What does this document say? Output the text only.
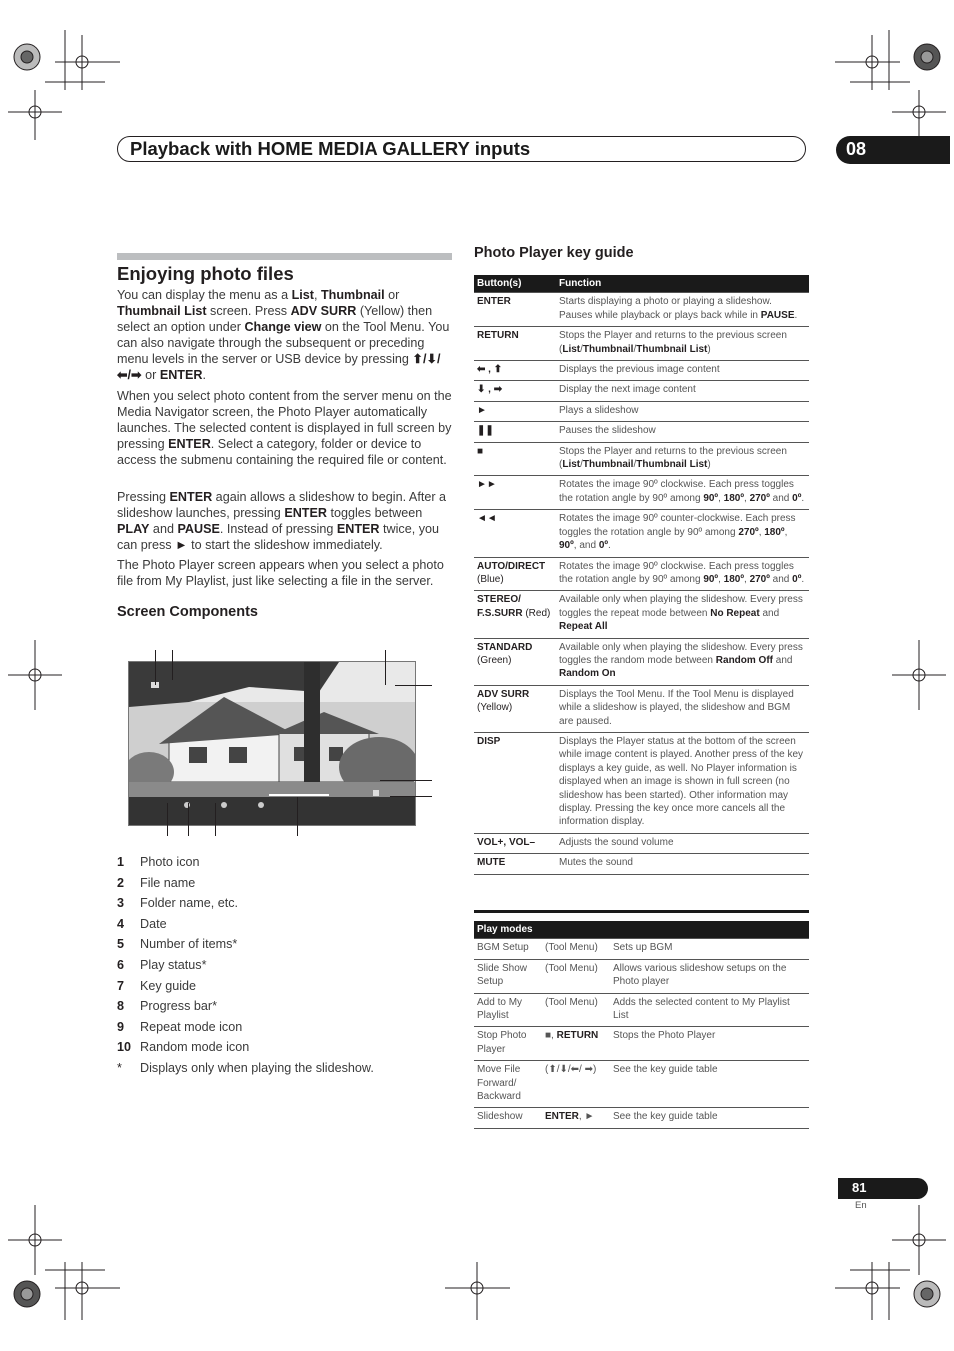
Playback with HOME MEDIA GALLERY inputs	08
Enjoying photo files
You can display the menu as a List, Thumbnail or Thumbnail List screen. Press ADV SURR (Yellow) then select an option under Change view on the Tool Menu. You can also navigate through the subsequent or preceding menu levels in the server or USB device by pressing ⬆/⬇/⬅/➡ or ENTER.
When you select photo content from the server menu on the Media Navigator screen, the Photo Player automatically launches. The selected content is displayed in full screen by pressing ENTER. Select a category, folder or device to access the submenu containing the required file or content.
Pressing ENTER again allows a slideshow to begin. After a slideshow launches, pressing ENTER toggles between PLAY and PAUSE. Instead of pressing ENTER twice, you can press ► to start the slideshow immediately.
The Photo Player screen appears when you select a photo file from My Playlist, just like selecting a file in the server.
Screen Components
1 Photo icon
2 File name
3 Folder name, etc.
4 Date
5 Number of items*
6 Play status*
7 Key guide
8 Progress bar*
9 Repeat mode icon
10 Random mode icon
* Displays only when playing the slideshow.
Photo Player key guide
Button(s)	Function
ENTER	Starts displaying a photo or playing a slideshow. Pauses while playback or plays back while in PAUSE.
RETURN	Stops the Player and returns to the previous screen (List/Thumbnail/Thumbnail List)
⬅ , ⬆	Displays the previous image content
⬇ , ➡	Display the next image content
►	Plays a slideshow
❚❚	Pauses the slideshow
■	Stops the Player and returns to the previous screen (List/Thumbnail/Thumbnail List)
►►	Rotates the image 90º clockwise. Each press toggles the rotation angle by 90º among 90º, 180º, 270º and 0º.
◄◄	Rotates the image 90º counter-clockwise. Each press toggles the rotation angle by 90º among 270º, 180º, 90º, and 0º.
AUTO/DIRECT (Blue)	Rotates the image 90º clockwise. Each press toggles the rotation angle by 90º among 90º, 180º, 270º and 0º.
STEREO/ F.S.SURR (Red)	Available only when playing the slideshow. Every press toggles the repeat mode between No Repeat and Repeat All
STANDARD (Green)	Available only when playing the slideshow. Every press toggles the random mode between Random Off and Random On
ADV SURR (Yellow)	Displays the Tool Menu. If the Tool Menu is displayed while a slideshow is played, the slideshow and BGM are paused.
DISP	Displays the Player status at the bottom of the screen while image content is played. Another press of the key displays a key guide, as well. No Player information is displayed when an image is shown in full screen (no slideshow has been started). Other information may display. Pressing the key once more cancels all the information display.
VOL+, VOL–	Adjusts the sound volume
MUTE	Mutes the sound
Play modes		
BGM Setup	(Tool Menu)	Sets up BGM
Slide Show Setup	(Tool Menu)	Allows various slideshow setups on the Photo player
Add to My Playlist	(Tool Menu)	Adds the selected content to My Playlist List
Stop Photo Player	■, RETURN	Stops the Photo Player
Move File Forward/ Backward	(⬆/⬇/⬅/ ➡)	See the key guide table
Slideshow	ENTER, ►	See the key guide table
81
En
